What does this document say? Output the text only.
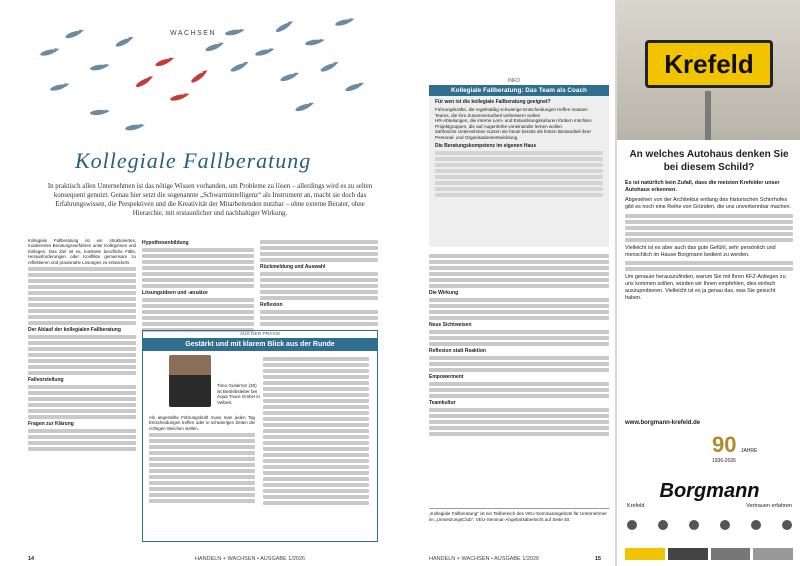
WACHSEN
Kollegiale Fallberatung
In praktisch allen Unternehmen ist das nötige Wissen vorhanden, um Probleme zu lösen – allerdings wird es zu selten konsequent genutzt. Genau hier setzt die sogenannte „Schwarmintelligenz“ als Instrument an, macht sie doch das Erfahrungswissen, die Perspektiven und die Kreativität der Mitarbeitenden nutzbar – ohne externe Berater, ohne Hierarchie, mit erstaunlicher und nachhaltiger Wirkung.

Kollegiale Fallberatung ist ein strukturiertes, moderiertes Beratungsverfahren unter Kolleginnen und Kollegen. Das Ziel ist es, konkrete berufliche Fälle, Herausforderungen oder Konflikte gemeinsam zu reflektieren und praxisnahe Lösungen zu entwickeln.

Der Ablauf der kollegialen Fallberatung
Fallvorstellung
Fragen zur Klärung
Hypothesenbildung
Lösungsideen und -ansätze
Rückmeldung und Auswahl
Reflexion
AUS DER PRAXIS
Gestärkt und mit klarem Blick aus der Runde
Timo Gutierrez (30) ist Betriebsleiter bei Aqua Trace GmbH in Velbert.

Als angestellte Führungskraft muss man jeden Tag Entscheidungen treffen oder in schwierigen Zeiten die richtigen Weichen stellen.

14	HANDELN + WACHSEN • AUSGABE 1/2026
INFO
Kollegiale Fallberatung: Das Team als Coach
Für wen ist die kollegiale Fallberatung geeignet?
Führungskräfte, die regelmäßig schwierige Entscheidungen treffen müssen
Teams, die ihre Zusammenarbeit verbessern wollen
HR-Abteilungen, die interne Lern- und Entwicklungskulturen fördern möchten
Projektgruppen, die auf Augenhöhe voneinander lernen wollen
Zahlreiche Unternehmen nutzen sie heute bereits als festen Bestandteil ihrer Personal- und Organisationsentwicklung.
Die Beratungskompetenz im eigenen Haus
Die Wirkung
Neue Sichtweisen
Reflexion statt Reaktion
Empowerment
Teamkultur
„Kollegiale Fallberatung“ ist ein Teilbereich des VEU-Seminarangebots für Unternehmer im „UmsetzungsClub“. VEU-Seminar-Angebotsübersicht auf Seite 40.
HANDELN + WACHSEN • AUSGABE 1/2026	15
Krefeld
An welches Autohaus denken Sie bei diesem Schild?

Es ist natürlich kein Zufall, dass die meisten Krefelder unser Autohaus erkennen.

Abgesehen von der Architektur entlang des historischen Schirrhofes gibt es noch eine Reihe von Gründen, die uns unverkennbar machen.

Vielleicht ist es aber auch das gute Gefühl, sehr persönlich und menschlich im Hause Borgmann bedient zu werden.

Um genauer herauszufinden, warum Sie mit Ihren KFZ-Anliegen zu uns kommen sollten, würden wir Ihnen empfehlen, dies einfach auszuprobieren. Vielleicht ist es ja genau das, was Sie gesucht haben.

www.borgmann-krefeld.de
90 JAHRE
1936-2026
Borgmann
Krefeld	Vertrauen erfahren
